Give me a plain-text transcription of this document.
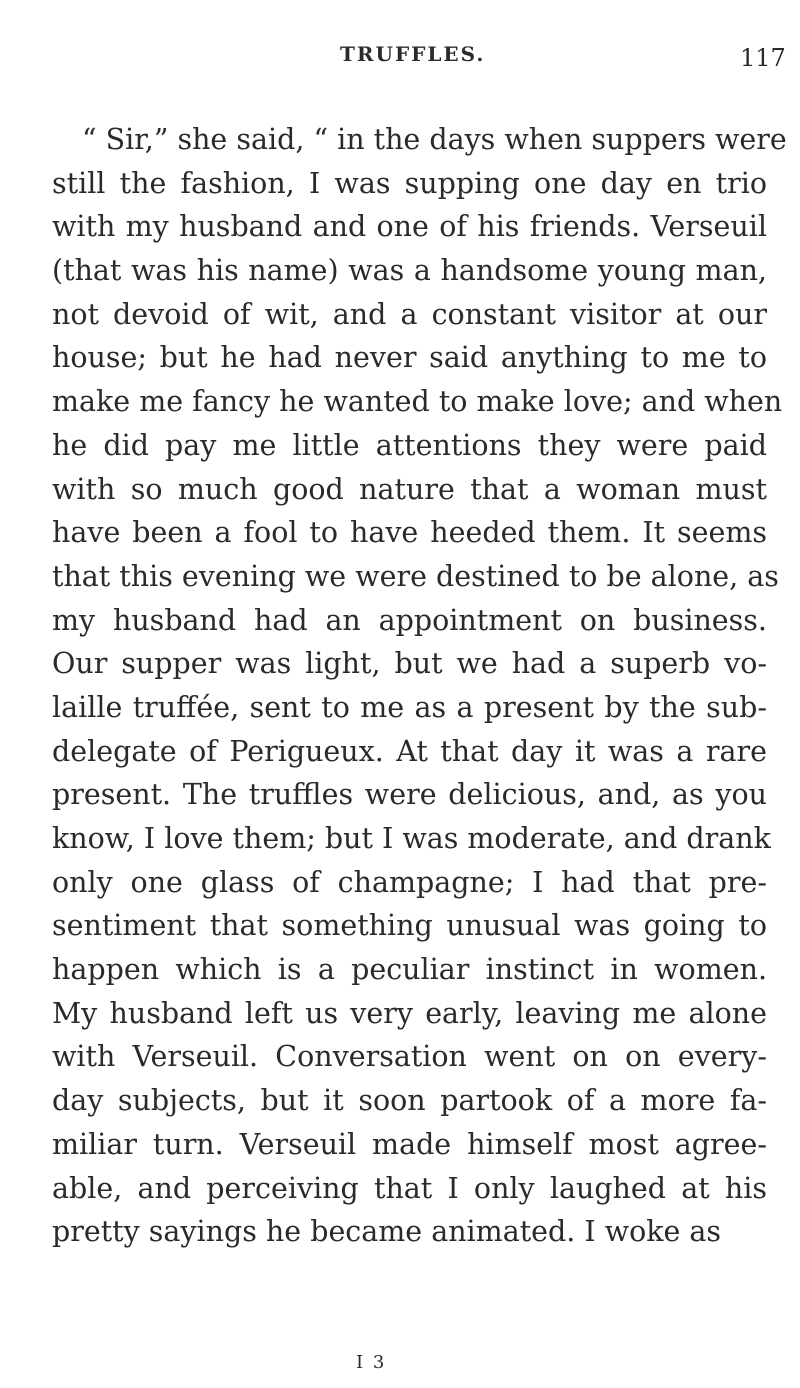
TRUFFLES.	117
“ Sir,” she said, “ in the days when suppers were
still the fashion, I was supping one day en trio
with my husband and one of his friends. Verseuil
(that was his name) was a handsome young man,
not devoid of wit, and a constant visitor at our
house; but he had never said anything to me to
make me fancy he wanted to make love; and when
he did pay me little attentions they were paid
with so much good nature that a woman must
have been a fool to have heeded them. It seems
that this evening we were destined to be alone, as
my husband had an appointment on business.
Our supper was light, but we had a superb vo-
laille truffée, sent to me as a present by the sub-
delegate of Perigueux. At that day it was a rare
present. The truffles were delicious, and, as you
know, I love them; but I was moderate, and drank
only one glass of champagne; I had that pre-
sentiment that something unusual was going to
happen which is a peculiar instinct in women.
My husband left us very early, leaving me alone
with Verseuil. Conversation went on on every-
day subjects, but it soon partook of a more fa-
miliar turn. Verseuil made himself most agree-
able, and perceiving that I only laughed at his
pretty sayings he became animated. I woke as
I 3
